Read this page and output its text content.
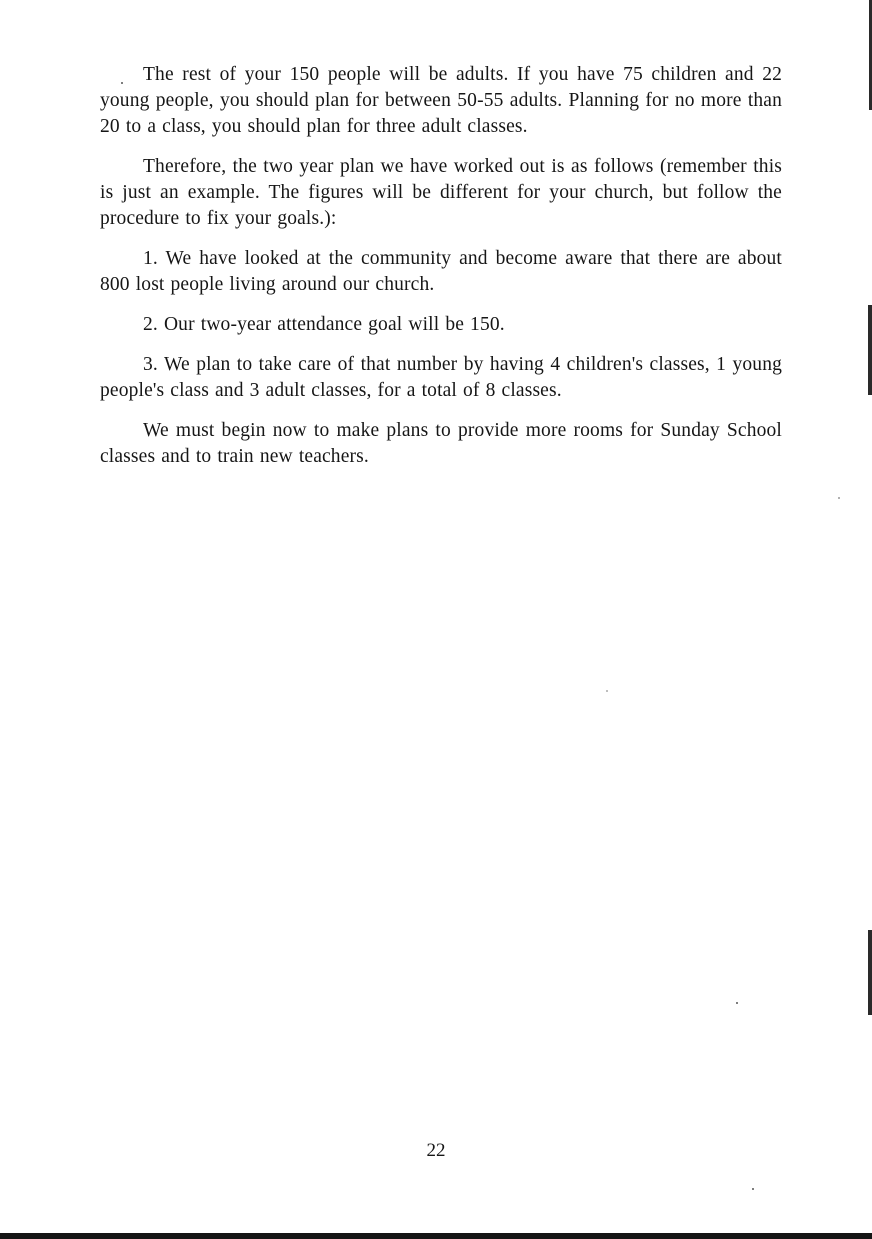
The rest of your 150 people will be adults. If you have 75 children and 22 young people, you should plan for between 50-55 adults. Planning for no more than 20 to a class, you should plan for three adult classes.

Therefore, the two year plan we have worked out is as follows (remember this is just an example. The figures will be different for your church, but follow the procedure to fix your goals.):

1. We have looked at the community and become aware that there are about 800 lost people living around our church.

2. Our two-year attendance goal will be 150.

3. We plan to take care of that number by having 4 children's classes, 1 young people's class and 3 adult classes, for a total of 8 classes.

We must begin now to make plans to provide more rooms for Sunday School classes and to train new teachers.

22
